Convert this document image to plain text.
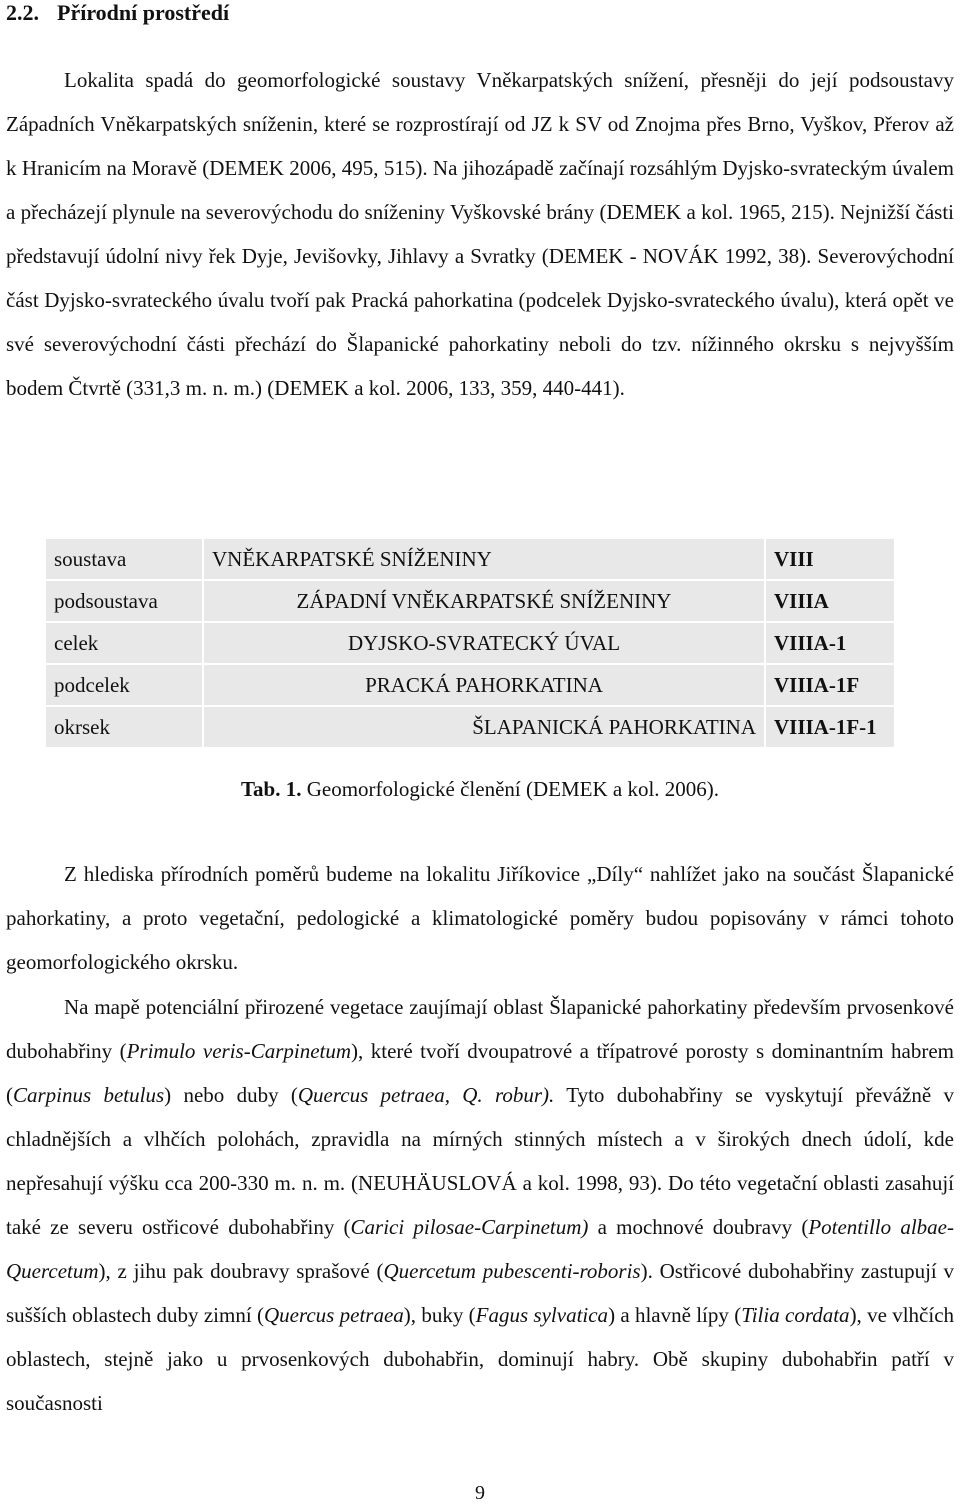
2.2. Přírodní prostředí
Lokalita spadá do geomorfologické soustavy Vněkarpatských snížení, přesněji do její podsoustavy Západních Vněkarpatských sníženin, které se rozprostírají od JZ k SV od Znojma přes Brno, Vyškov, Přerov až k Hranicím na Moravě (DEMEK 2006, 495, 515). Na jihozápadě začínají rozsáhlým Dyjsko-svrateckým úvalem a přecházejí plynule na severovýchodu do sníženiny Vyškovské brány (DEMEK a kol. 1965, 215). Nejnižší části představují údolní nivy řek Dyje, Jevišovky, Jihlavy a Svratky (DEMEK - NOVÁK 1992, 38). Severovýchodní část Dyjsko-svrateckého úvalu tvoří pak Pracká pahorkatina (podcelek Dyjsko-svrateckého úvalu), která opět ve své severovýchodní části přechází do Šlapanické pahorkatiny neboli do tzv. nížinného okrsku s nejvyšším bodem Čtvrtě (331,3 m. n. m.) (DEMEK a kol. 2006, 133, 359, 440-441).
soustava	VNĚKARPATSKÉ SNÍŽENINY	VIII
podsoustava	ZÁPADNÍ VNĚKARPATSKÉ SNÍŽENINY	VIIIA
celek	DYJSKO-SVRATECKÝ ÚVAL	VIIIA-1
podcelek	PRACKÁ PAHORKATINA	VIIIA-1F
okrsek	ŠLAPANICKÁ PAHORKATINA	VIIIA-1F-1
Tab. 1. Geomorfologické členění (DEMEK a kol. 2006).
Z hlediska přírodních poměrů budeme na lokalitu Jiříkovice „Díly“ nahlížet jako na součást Šlapanické pahorkatiny, a proto vegetační, pedologické a klimatologické poměry budou popisovány v rámci tohoto geomorfologického okrsku.
Na mapě potenciální přirozené vegetace zaujímají oblast Šlapanické pahorkatiny především prvosenkové dubohabřiny (Primulo veris-Carpinetum), které tvoří dvoupatrové a třípatrové porosty s dominantním habrem (Carpinus betulus) nebo duby (Quercus petraea, Q. robur). Tyto dubohabřiny se vyskytují převážně v chladnějších a vlhčích polohách, zpravidla na mírných stinných místech a v širokých dnech údolí, kde nepřesahují výšku cca 200-330 m. n. m. (NEUHÄUSLOVÁ a kol. 1998, 93). Do této vegetační oblasti zasahují také ze severu ostřicové dubohabřiny (Carici pilosae-Carpinetum) a mochnové doubravy (Potentillo albae-Quercetum), z jihu pak doubravy sprašové (Quercetum pubescenti-roboris). Ostřicové dubohabřiny zastupují v sušších oblastech duby zimní (Quercus petraea), buky (Fagus sylvatica) a hlavně lípy (Tilia cordata), ve vlhčích oblastech, stejně jako u prvosenkových dubohabřin, dominují habry. Obě skupiny dubohabřin patří v současnosti
9
